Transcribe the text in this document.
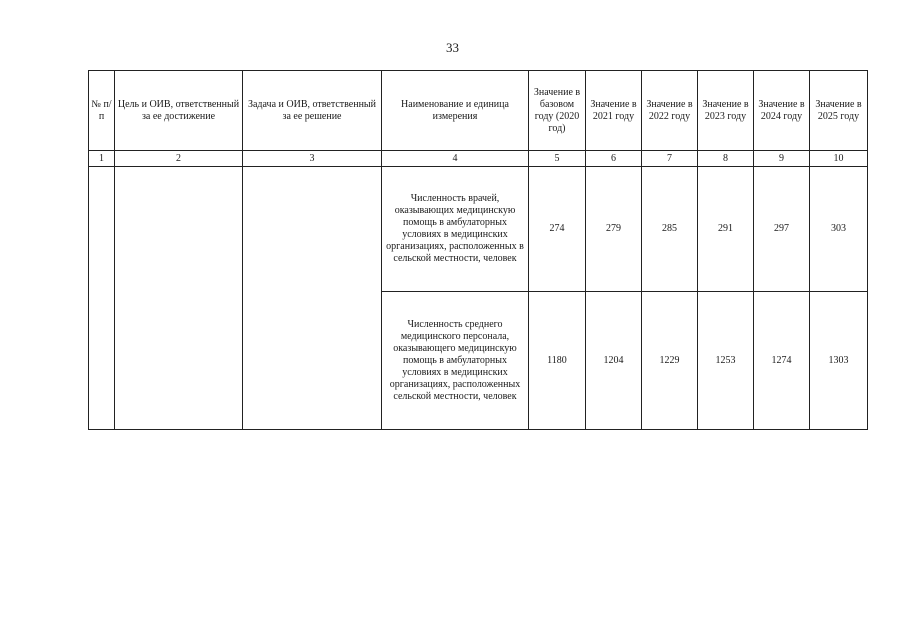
33
№ п/п	Цель и ОИВ, ответственный за ее достижение	Задача и ОИВ, ответственный за ее решение	Наименование и единица измерения	Значение в базовом году (2020 год)	Значение в 2021 году	Значение в 2022 году	Значение в 2023 году	Значение в 2024 году	Значение в 2025 году
1	2	3	4	5	6	7	8	9	10
			Численность врачей, оказывающих медицинскую помощь в амбулаторных условиях в медицинских организациях, расположенных в сельской местности, человек	274	279	285	291	297	303
			Численность среднего медицинского персонала, оказывающего медицинскую помощь в амбулаторных условиях в медицинских организациях, расположенных сельской местности, человек	1180	1204	1229	1253	1274	1303
